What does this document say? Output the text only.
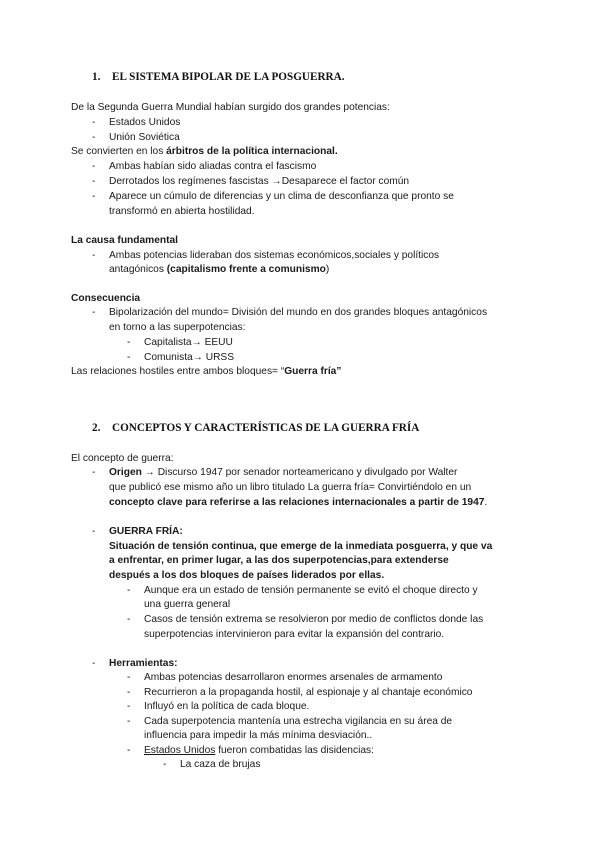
1. EL SISTEMA BIPOLAR DE LA POSGUERRA.
De la Segunda Guerra Mundial habían surgido dos grandes potencias:
- Estados Unidos
- Unión Soviética
Se convierten en los árbitros de la política internacional.
- Ambas habían sido aliadas contra el fascismo
- Derrotados los regímenes fascistas →Desaparece el factor común
- Aparece un cúmulo de diferencias y un clima de desconfianza que pronto se
transformó en abierta hostilidad.
La causa fundamental
- Ambas potencias lideraban dos sistemas económicos,sociales y políticos
antagónicos (capitalismo frente a comunismo)
Consecuencia
- Bipolarización del mundo= División del mundo en dos grandes bloques antagónicos
en torno a las superpotencias:
- Capitalista→ EEUU
- Comunista→ URSS
Las relaciones hostiles entre ambos bloques= “Guerra fría”
2. CONCEPTOS Y CARACTERÍSTICAS DE LA GUERRA FRÍA
El concepto de guerra:
- Origen → Discurso 1947 por senador norteamericano y divulgado por Walter
que publicó ese mismo año un libro titulado La guerra fría= Convirtiéndolo en un
concepto clave para referirse a las relaciones internacionales a partir de 1947.
- GUERRA FRÍA:
Situación de tensión continua, que emerge de la inmediata posguerra, y que va
a enfrentar, en primer lugar, a las dos superpotencias,para extenderse
después a los dos bloques de países liderados por ellas.
- Aunque era un estado de tensión permanente se evitó el choque directo y
una guerra general
- Casos de tensión extrema se resolvieron por medio de conflictos donde las
superpotencias intervinieron para evitar la expansión del contrario.
- Herramientas:
- Ambas potencias desarrollaron enormes arsenales de armamento
- Recurrieron a la propaganda hostil, al espionaje y al chantaje económico
- Influyó en la política de cada bloque.
- Cada superpotencia mantenía una estrecha vigilancia en su área de
influencia para impedir la más mínima desviación..
- Estados Unidos fueron combatidas las disidencias:
- La caza de brujas
